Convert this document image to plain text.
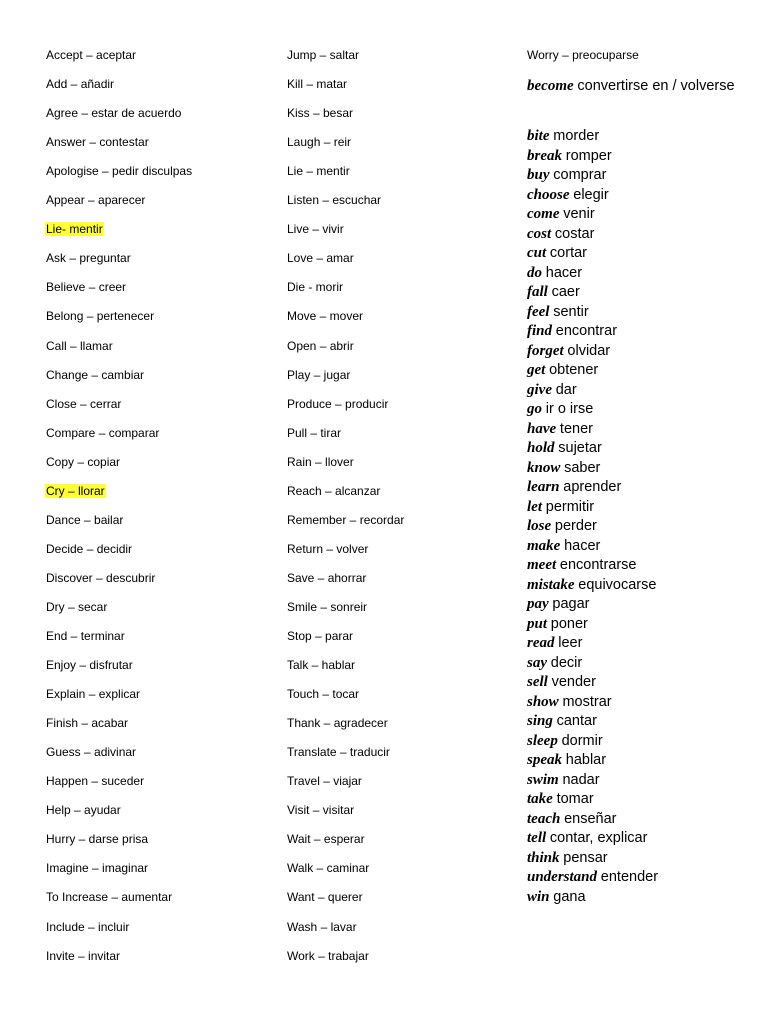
Accept – aceptar
Add – añadir
Agree – estar de acuerdo
Answer – contestar
Apologise – pedir disculpas
Appear – aparecer
Lie- mentir
Ask – preguntar
Believe – creer
Belong – pertenecer
Call – llamar
Change – cambiar
Close – cerrar
Compare – comparar
Copy – copiar
Cry – llorar
Dance – bailar
Decide – decidir
Discover – descubrir
Dry – secar
End – terminar
Enjoy – disfrutar
Explain – explicar
Finish – acabar
Guess – adivinar
Happen – suceder
Help – ayudar
Hurry – darse prisa
Imagine – imaginar
To Increase – aumentar
Include – incluir
Invite – invitar
Jump – saltar
Kill – matar
Kiss – besar
Laugh – reir
Lie – mentir
Listen – escuchar
Live – vivir
Love – amar
Die - morir
Move – mover
Open – abrir
Play – jugar
Produce – producir
Pull – tirar
Rain – llover
Reach – alcanzar
Remember – recordar
Return – volver
Save – ahorrar
Smile – sonreir
Stop – parar
Talk – hablar
Touch – tocar
Thank – agradecer
Translate – traducir
Travel – viajar
Visit – visitar
Wait – esperar
Walk – caminar
Want – querer
Wash – lavar
Work – trabajar
Worry – preocuparse
become convertirse en / volverse
bite morder
break romper
buy comprar
choose elegir
come venir
cost costar
cut cortar
do hacer
fall caer
feel sentir
find encontrar
forget olvidar
get obtener
give dar
go ir o irse
have tener
hold sujetar
know saber
learn aprender
let permitir
lose perder
make hacer
meet encontrarse
mistake equivocarse
pay pagar
put poner
read leer
say decir
sell vender
show mostrar
sing cantar
sleep dormir
speak hablar
swim nadar
take tomar
teach enseñar
tell contar, explicar
think pensar
understand entender
win gana
